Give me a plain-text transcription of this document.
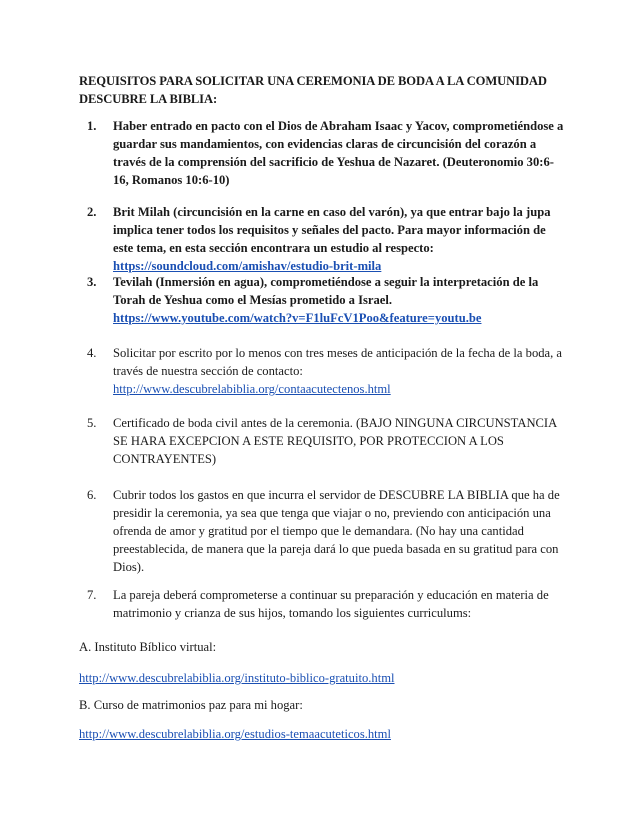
REQUISITOS PARA SOLICITAR UNA CEREMONIA DE BODA A LA COMUNIDAD DESCUBRE LA BIBLIA:
1.	Haber entrado en pacto con el Dios de Abraham Isaac y Yacov, comprometiéndose a guardar sus mandamientos, con evidencias claras de circuncisión del corazón a través de la comprensión del sacrificio de Yeshua de Nazaret. (Deuteronomio 30:6-16, Romanos 10:6-10)
2.	Brit Milah (circuncisión en la carne en caso del varón), ya que entrar bajo la jupa implica tener todos los requisitos y señales del pacto. Para mayor información de este tema, en esta sección encontrara un estudio al respecto: https://soundcloud.com/amishav/estudio-brit-mila
3.	Tevilah (Inmersión en agua), comprometiéndose a seguir la interpretación de la Torah de Yeshua como el Mesías prometido a Israel. https://www.youtube.com/watch?v=F1luFcV1Poo&feature=youtu.be
4.	Solicitar por escrito por lo menos con tres meses de anticipación de la fecha de la boda, a través de nuestra sección de contacto: http://www.descubrelabiblia.org/contaacutectenos.html
5.	Certificado de boda civil antes de la ceremonia. (BAJO NINGUNA CIRCUNSTANCIA SE HARA EXCEPCION A ESTE REQUISITO, POR PROTECCION A LOS CONTRAYENTES)
6.	Cubrir todos los gastos en que incurra el servidor de DESCUBRE LA BIBLIA que ha de presidir la ceremonia, ya sea que tenga que viajar o no, previendo con anticipación una ofrenda de amor y gratitud por el tiempo que le demandara. (No hay una cantidad preestablecida, de manera que la pareja dará lo que pueda basada en su gratitud para con Dios).
7.	La pareja deberá comprometerse a continuar su preparación y educación en materia de matrimonio y crianza de sus hijos, tomando los siguientes curriculums:
A. Instituto Bíblico virtual:
http://www.descubrelabiblia.org/instituto-biblico-gratuito.html
B. Curso de matrimonios paz para mi hogar:
http://www.descubrelabiblia.org/estudios-temaacuteticos.html
